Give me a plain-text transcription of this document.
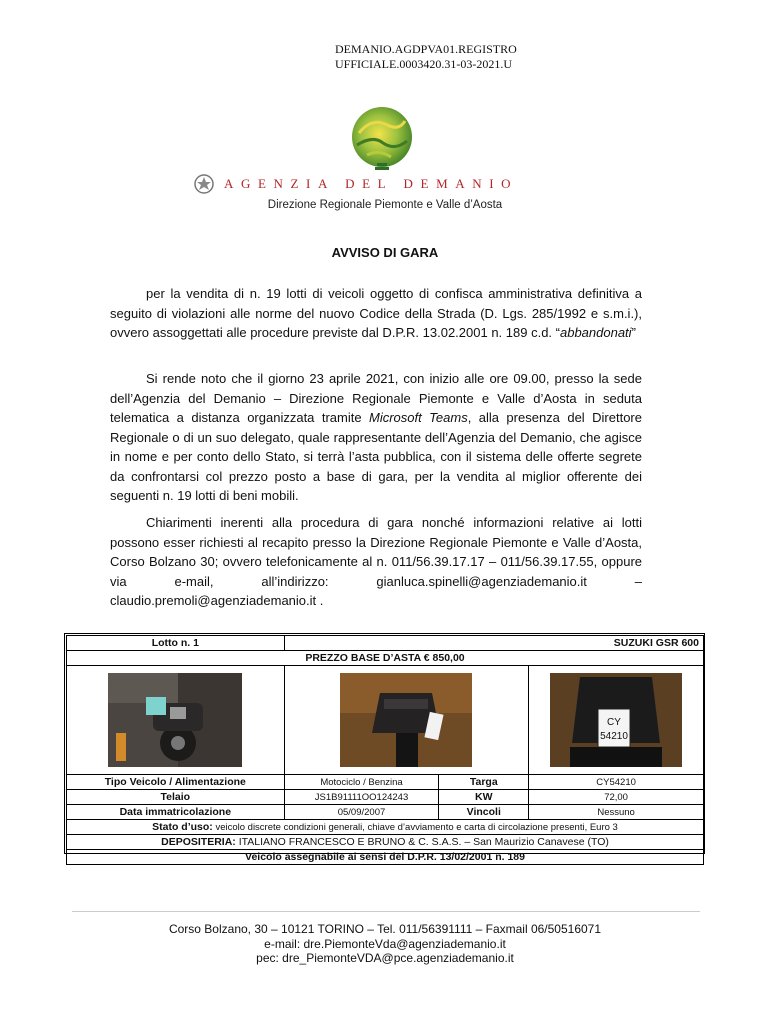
DEMANIO.AGDPVA01.REGISTRO
UFFICIALE.0003420.31-03-2021.U
AGENZIA DEL DEMANIO
Direzione Regionale Piemonte e Valle d’Aosta
AVVISO DI GARA
per la vendita di n. 19 lotti di veicoli oggetto di confisca amministrativa definitiva a seguito di violazioni alle norme del nuovo Codice della Strada (D. Lgs. 285/1992 e s.m.i.), ovvero assoggettati alle procedure previste dal D.P.R. 13.02.2001 n. 189 c.d. “abbandonati”
Si rende noto che il giorno 23 aprile 2021, con inizio alle ore 09.00, presso la sede dell’Agenzia del Demanio – Direzione Regionale Piemonte e Valle d’Aosta in seduta telematica a distanza organizzata tramite Microsoft Teams, alla presenza del Direttore Regionale o di un suo delegato, quale rappresentante dell’Agenzia del Demanio, che agisce in nome e per conto dello Stato, si terrà l’asta pubblica, con il sistema delle offerte segrete da confrontarsi col prezzo posto a base di gara, per la vendita al miglior offerente dei seguenti n. 19 lotti di beni mobili.
Chiarimenti inerenti alla procedura di gara nonché informazioni relative ai lotti possono esser richiesti al recapito presso la Direzione Regionale Piemonte e Valle d’Aosta, Corso Bolzano 30; ovvero telefonicamente al n. 011/56.39.17.17 – 011/56.39.17.55, oppure via e-mail, all’indirizzo: gianluca.spinelli@agenziademanio.it – claudio.premoli@agenziademanio.it .
Lotto n. 1	SUZUKI GSR 600		
PREZZO BASE D’ASTA € 850,00			

CY
54210

Tipo Veicolo / Alimentazione	Motociclo / Benzina	Targa	CY54210
Telaio	JS1B91111OO124243	KW	72,00
Data immatricolazione	05/09/2007	Vincoli	Nessuno
Stato d’uso: veicolo discrete condizioni generali, chiave d’avviamento e carta di circolazione presenti, Euro 3			
DEPOSITERIA: ITALIANO FRANCESCO E BRUNO & C. S.A.S. – San Maurizio Canavese (TO)			
Veicolo assegnabile ai sensi del D.P.R. 13/02/2001 n. 189			
Corso Bolzano, 30 – 10121 TORINO – Tel. 011/56391111 – Faxmail 06/50516071
e-mail: dre.PiemonteVda@agenziademanio.it
pec: dre_PiemonteVDA@pce.agenziademanio.it
